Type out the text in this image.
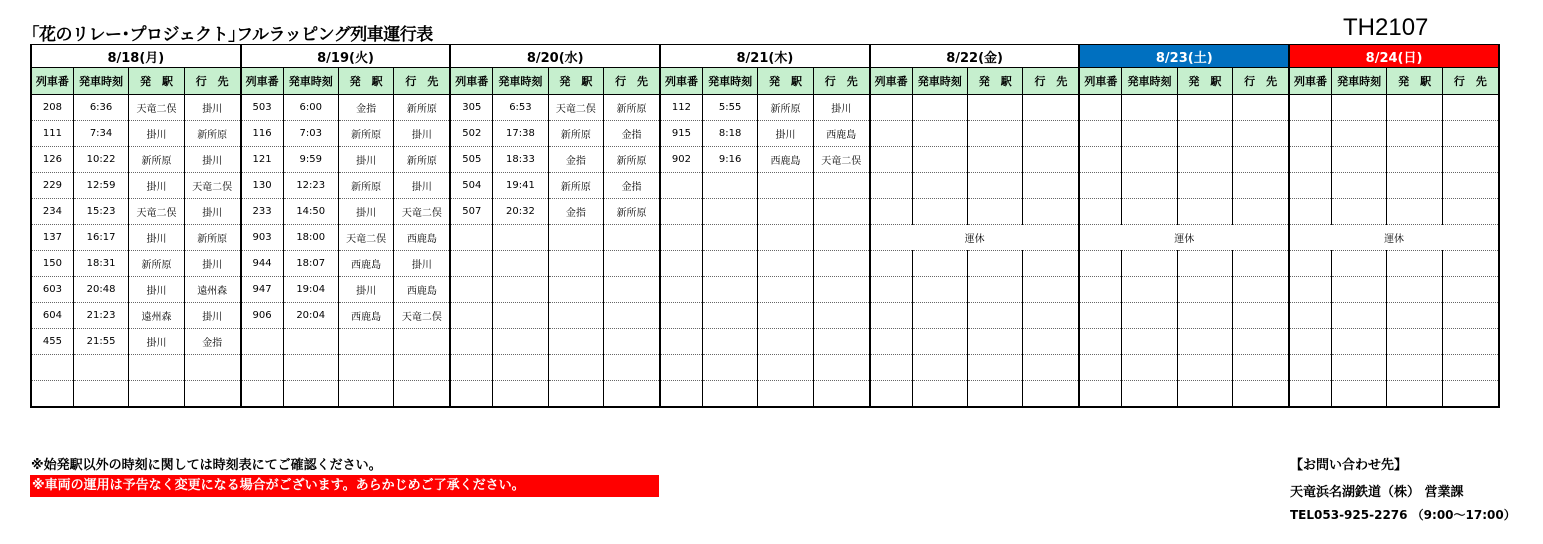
｢花のリレー･プロジェクト｣フルラッピング列車運行表	TH2107
8/18(月)				8/19(火)				8/20(水)				8/21(木)				8/22(金)				8/23(土)				8/24(日)			
列車番	発車時刻	発　駅	行　先	列車番	発車時刻	発　駅	行　先	列車番	発車時刻	発　駅	行　先	列車番	発車時刻	発　駅	行　先	列車番	発車時刻	発　駅	行　先	列車番	発車時刻	発　駅	行　先	列車番	発車時刻	発　駅	行　先
208	6:36	天竜二俣	掛川	503	6:00	金指	新所原	305	6:53	天竜二俣	新所原	112	5:55	新所原	掛川												
111	7:34	掛川	新所原	116	7:03	新所原	掛川	502	17:38	新所原	金指	915	8:18	掛川	西鹿島												
126	10:22	新所原	掛川	121	9:59	掛川	新所原	505	18:33	金指	新所原	902	9:16	西鹿島	天竜二俣												
229	12:59	掛川	天竜二俣	130	12:23	新所原	掛川	504	19:41	新所原	金指																
234	15:23	天竜二俣	掛川	233	14:50	掛川	天竜二俣	507	20:32	金指	新所原																
137	16:17	掛川	新所原	903	18:00	天竜二俣	西鹿島									運休				運休				運休			
150	18:31	新所原	掛川	944	18:07	西鹿島	掛川																				
603	20:48	掛川	遠州森	947	19:04	掛川	西鹿島																				
604	21:23	遠州森	掛川	906	20:04	西鹿島	天竜二俣																				
455	21:55	掛川	金指																								

※始発駅以外の時刻に関しては時刻表にてご確認ください。
※車両の運用は予告なく変更になる場合がございます。あらかじめご了承ください。
【お問い合わせ先】
天竜浜名湖鉄道（株） 営業課
TEL053-925-2276 （9:00～17:00）
